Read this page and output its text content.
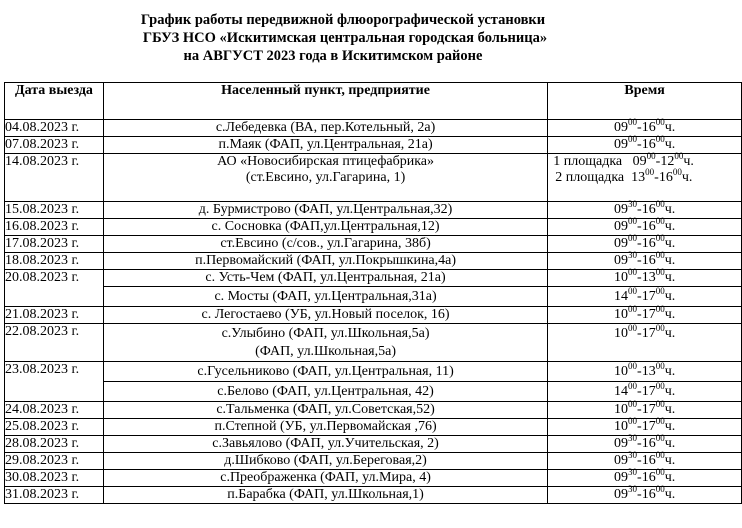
График работы передвижной флюорографической установки
ГБУЗ НСО «Искитимская центральная городская больница»
на АВГУСТ 2023 года в Искитимском районе
Дата выезда	Населенный пункт, предприятие	Время
04.08.2023 г.	с.Лебедевка (ВА, пер.Котельный, 2а)	$09^{00}-16^{00}ч$.
07.08.2023 г.	п.Маяк (ФАП, ул.Центральная, 21а)	$09^{00}-16^{00}ч$.
14.08.2023 г.	АО «Новосибирская птицефабрика»
(ст.Евсино, ул.Гагарина, 1)	1 площадка $09^{00}-12^{00}ч$.
2 площадка $13^{00}-16^{00}ч$.

15.08.2023 г.	д. Бурмистрово (ФАП, ул.Центральная,32)	$09^{30}-16^{00}ч$.
16.08.2023 г.	с. Сосновка (ФАП,ул.Центральная,12)	$09^{00}-16^{00}ч$.
17.08.2023 г.	ст.Евсино (с/сов., ул.Гагарина, 38б)	$09^{00}-16^{00}ч$.
18.08.2023 г.	п.Первомайский (ФАП, ул.Покрышкина,4а)	$09^{30}-16^{00}ч$.
20.08.2023 г.	с. Усть-Чем (ФАП, ул.Центральная, 21а)	$10^{00}-13^{00}ч$.
	с. Мосты (ФАП, ул.Центральная,31а)	$14^{00}-17^{00}ч$.
21.08.2023 г.	с. Легостаево (УБ, ул.Новый поселок, 16)	$10^{00}-17^{00}ч$.
22.08.2023 г.	с.Улыбино (ФАП, ул.Школьная,5а)
(ФАП, ул.Школьная,5а)	$10^{00}-17^{00}ч$.
23.08.2023 г.	с.Гусельниково (ФАП, ул.Центральная, 11)	$10^{00}-13^{00}ч$.
	с.Белово (ФАП, ул.Центральная, 42)	$14^{00}-17^{00}ч$.
24.08.2023 г.	с.Тальменка (ФАП, ул.Советская,52)	$10^{00}-17^{00}ч$.
25.08.2023 г.	п.Степной (УБ, ул.Первомайская ,76)	$10^{00}-17^{00}ч$.
28.08.2023 г.	с.Завьялово (ФАП, ул.Учительская, 2)	$09^{30}-16^{00}ч$.
29.08.2023 г.	д.Шибково (ФАП, ул.Береговая,2)	$09^{30}-16^{00}ч$.
30.08.2023 г.	с.Преображенка (ФАП, ул.Мира, 4)	$09^{30}-16^{00}ч$.
31.08.2023 г.	п.Барабка (ФАП, ул.Школьная,1)	$09^{30}-16^{00}ч$.
